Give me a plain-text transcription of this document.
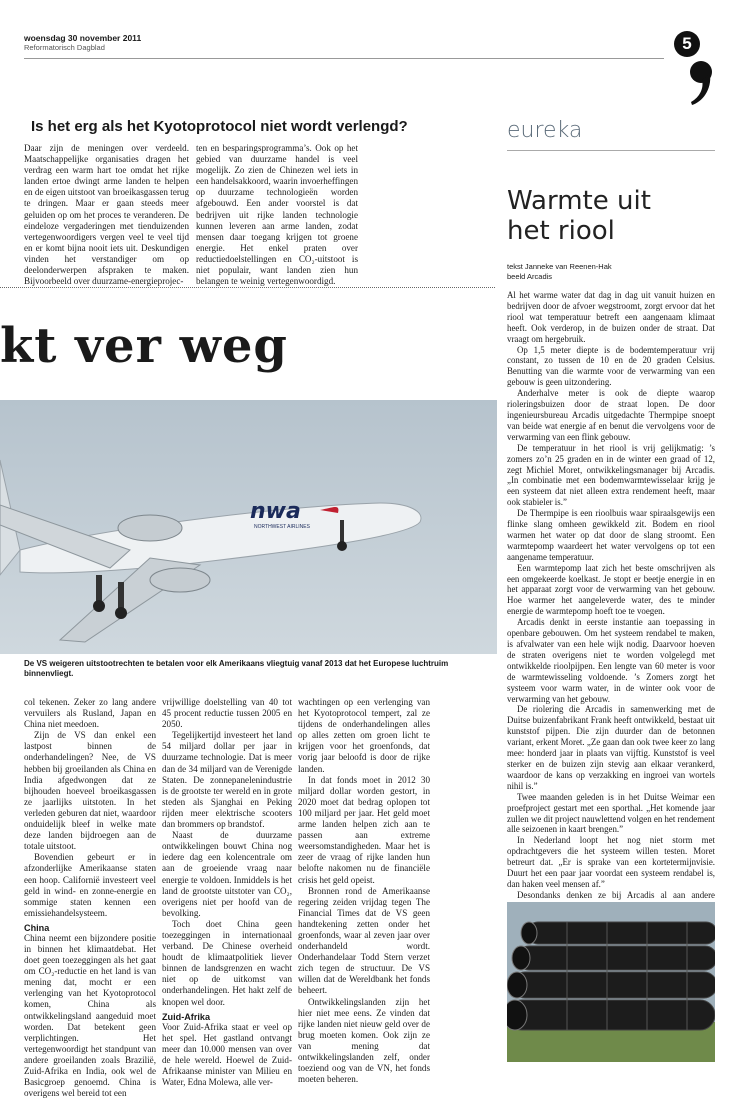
woensdag 30 november 2011
Reformatorisch Dagblad	5
Is het erg als het Kyotoprotocol niet wordt verlengd?
Daar zijn de meningen over verdeeld. Maatschappelijke organisaties dragen het verdrag een warm hart toe omdat het rijke landen ertoe dwingt arme landen te helpen en de eigen uitstoot van broeikasgassen terug te dringen. Maar er gaan steeds meer geluiden op om het proces te veranderen. De eindeloze vergaderingen met tienduizenden vertegenwoordigers vergen veel te veel tijd en er komt bijna nooit iets uit. Deskundigen vinden het verstandiger om op deelonderwerpen afspraken te maken. Bijvoorbeeld over duurzame-energieprojec-
ten en besparingsprogramma’s. Ook op het gebied van duurzame handel is veel mogelijk. Zo zien de Chinezen wel iets in een handelsakkoord, waarin invoerheffingen op duurzame technologieën worden afgebouwd. Een ander voorstel is dat bedrijven uit rijke landen technologie kunnen leveren aan arme landen, zodat mensen daar toegang krijgen tot groene energie. Het enkel praten over reductiedoelstellingen en CO₂-uitstoot is niet populair, want landen zien hun belangen te weinig vertegenwoordigd.
kt ver weg
nwa
NORTHWEST AIRLINES
De VS weigeren uitstootrechten te betalen voor elk Amerikaans vliegtuig vanaf 2013 dat het Europese luchtruim binnenvliegt.

col tekenen. Zeker zo lang andere vervuilers als Rusland, Japan en China niet meedoen.

Zijn de VS dan enkel een lastpost binnen de onderhandelingen? Nee, de VS hebben bij groeilanden als China en India afgedwongen dat ze bijhouden hoeveel broeikasgassen ze jaarlijks uitstoten. In het verleden geburen dat niet, waardoor onduidelijk bleef in welke mate deze landen bijdroegen aan de totale uitstoot.

Bovendien gebeurt er in afzonderlijke Amerikaanse staten een hoop. Californië investeert veel geld in wind- en zonne-energie en sommige staten kennen een emissiehandelsysteem.

China

China neemt een bijzondere positie in binnen het klimaatdebat. Het doet geen toezeggingen als het gaat om CO₂-reductie en het land is van mening dat, mocht er een verlenging van het Kyotoprotocol komen, China als ontwikkelingsland aangeduid moet worden. Dat betekent geen verplichtingen. Het vertegenwoordigt het standpunt van andere groeilanden zoals Brazilië, Zuid-Afrika en India, ook wel de Basicgroep genoemd. China is overigens wel bereid tot een

vrijwillige doelstelling van 40 tot 45 procent reductie tussen 2005 en 2050.

Tegelijkertijd investeert het land 54 miljard dollar per jaar in duurzame technologie. Dat is meer dan de 34 miljard van de Verenigde Staten. De zonnepanelenindustrie is de grootste ter wereld en in grote steden als Sjanghai en Peking rijden meer elektrische scooters dan brommers op brandstof.

Naast de duurzame ontwikkelingen bouwt China nog iedere dag een kolencentrale om aan de groeiende vraag naar energie te voldoen. Inmiddels is het land de grootste uitstoter van CO₂, overigens niet per hoofd van de bevolking.

Toch doet China geen toezeggingen in internationaal verband. De Chinese overheid houdt de klimaatpolitiek liever binnen de landsgrenzen en wacht niet op de uitkomst van onderhandelingen. Het hakt zelf de knopen wel door.

Zuid-Afrika

Voor Zuid-Afrika staat er veel op het spel. Het gastland ontvangt meer dan 10.000 mensen van over de hele wereld. Hoewel de Zuid-Afrikaanse minister van Milieu en Water, Edna Molewa, alle ver-

wachtingen op een verlenging van het Kyotoprotocol tempert, zal ze tijdens de onderhandelingen alles op alles zetten om groen licht te krijgen voor het groenfonds, dat vorig jaar beloofd is door de rijke landen.

In dat fonds moet in 2012 30 miljard dollar worden gestort, in 2020 moet dat bedrag oplopen tot 100 miljard per jaar. Het geld moet arme landen helpen zich aan te passen aan extreme weersomstandigheden. Maar het is zeer de vraag of rijke landen hun belofte nakomen nu de financiële crisis het geld opeist.

Bronnen rond de Amerikaanse regering zeiden vrijdag tegen The Financial Times dat de VS geen handtekening zetten onder het groenfonds, waar al zeven jaar over onderhandeld wordt. Onderhandelaar Todd Stern verzet zich tegen de structuur. De VS willen dat de Wereldbank het fonds beheert.

Ontwikkelingslanden zijn het hier niet mee eens. Ze vinden dat rijke landen niet nieuw geld over de brug moeten komen. Ook zijn ze van mening dat ontwikkelingslanden zelf, onder toeziend oog van de VN, het fonds moeten beheren.

eureka
Warmte uit
het riool
tekst Janneke van Reenen-Hak
beeld Arcadis

Al het warme water dat dag in dag uit vanuit huizen en bedrijven door de afvoer wegstroomt, zorgt ervoor dat het riool wat temperatuur betreft een aangenaam klimaat heeft. Ook verderop, in de buizen onder de straat. Dat vraagt om hergebruik.

Op 1,5 meter diepte is de bodemtemperatuur vrij constant, zo tussen de 10 en de 20 graden Celsius. Benutting van die warmte voor de verwarming van een gebouw is geen uitzondering.

Anderhalve meter is ook de diepte waarop rioleringsbuizen door de straat lopen. De door ingenieursbureau Arcadis uitgedachte Thermpipe snoept van beide wat energie af en benut die vervolgens voor de verwarming van een flink gebouw.

De temperatuur in het riool is vrij gelijkmatig: ’s zomers zo’n 25 graden en in de winter een graad of 12, zegt Michiel Moret, ontwikkelingsmanager bij Arcadis. „In combinatie met een bodemwarmtewisselaar krijg je een systeem dat niet alleen extra rendement heeft, maar ook stabieler is.”

De Thermpipe is een rioolbuis waar spiraalsgewijs een flinke slang omheen gewikkeld zit. Bodem en riool warmen het water op dat door de slang stroomt. Een warmtepomp waardeert het water vervolgens op tot een aangename temperatuur.

Een warmtepomp laat zich het beste omschrijven als een omgekeerde koelkast. Je stopt er beetje energie in en het apparaat zorgt voor de verwarming van het gebouw. Hoe warmer het aangeleverde water, des te minder energie de warmtepomp hoeft toe te voegen.

Arcadis denkt in eerste instantie aan toepassing in openbare gebouwen. Om het systeem rendabel te maken, is afvalwater van een hele wijk nodig. Daarvoor hoeven de straten overigens niet te worden volgelegd met ontwikkelde rioolpijpen. Een lengte van 60 meter is voor de warmtewisseling voldoende. ’s Zomers zorgt het systeem voor warm water, in de winter ook voor de verwarming van het gebouw.

De riolering die Arcadis in samenwerking met de Duitse buizenfabrikant Frank heeft ontwikkeld, bestaat uit kunststof pijpen. Die zijn duurder dan de betonnen variant, erkent Moret. „Ze gaan dan ook twee keer zo lang mee: honderd jaar in plaats van vijftig. Kunststof is veel sterker en de buizen zijn stevig aan elkaar verankerd, waardoor de kans op verzakking en ingroei van wortels nihil is.”

Twee maanden geleden is in het Duitse Weimar een proefproject gestart met een sporthal. „Het komende jaar zullen we dit project nauwlettend volgen en het rendement alle seizoenen in kaart brengen.”

In Nederland loopt het nog niet storm met opdrachtgevers die het systeem willen testen. Moret betreurt dat. „Er is sprake van een kortetermijnvisie. Duurt het een paar jaar voordat een systeem rendabel is, dan haken veel mensen af.”

Desondanks denken ze bij Arcadis al aan andere
